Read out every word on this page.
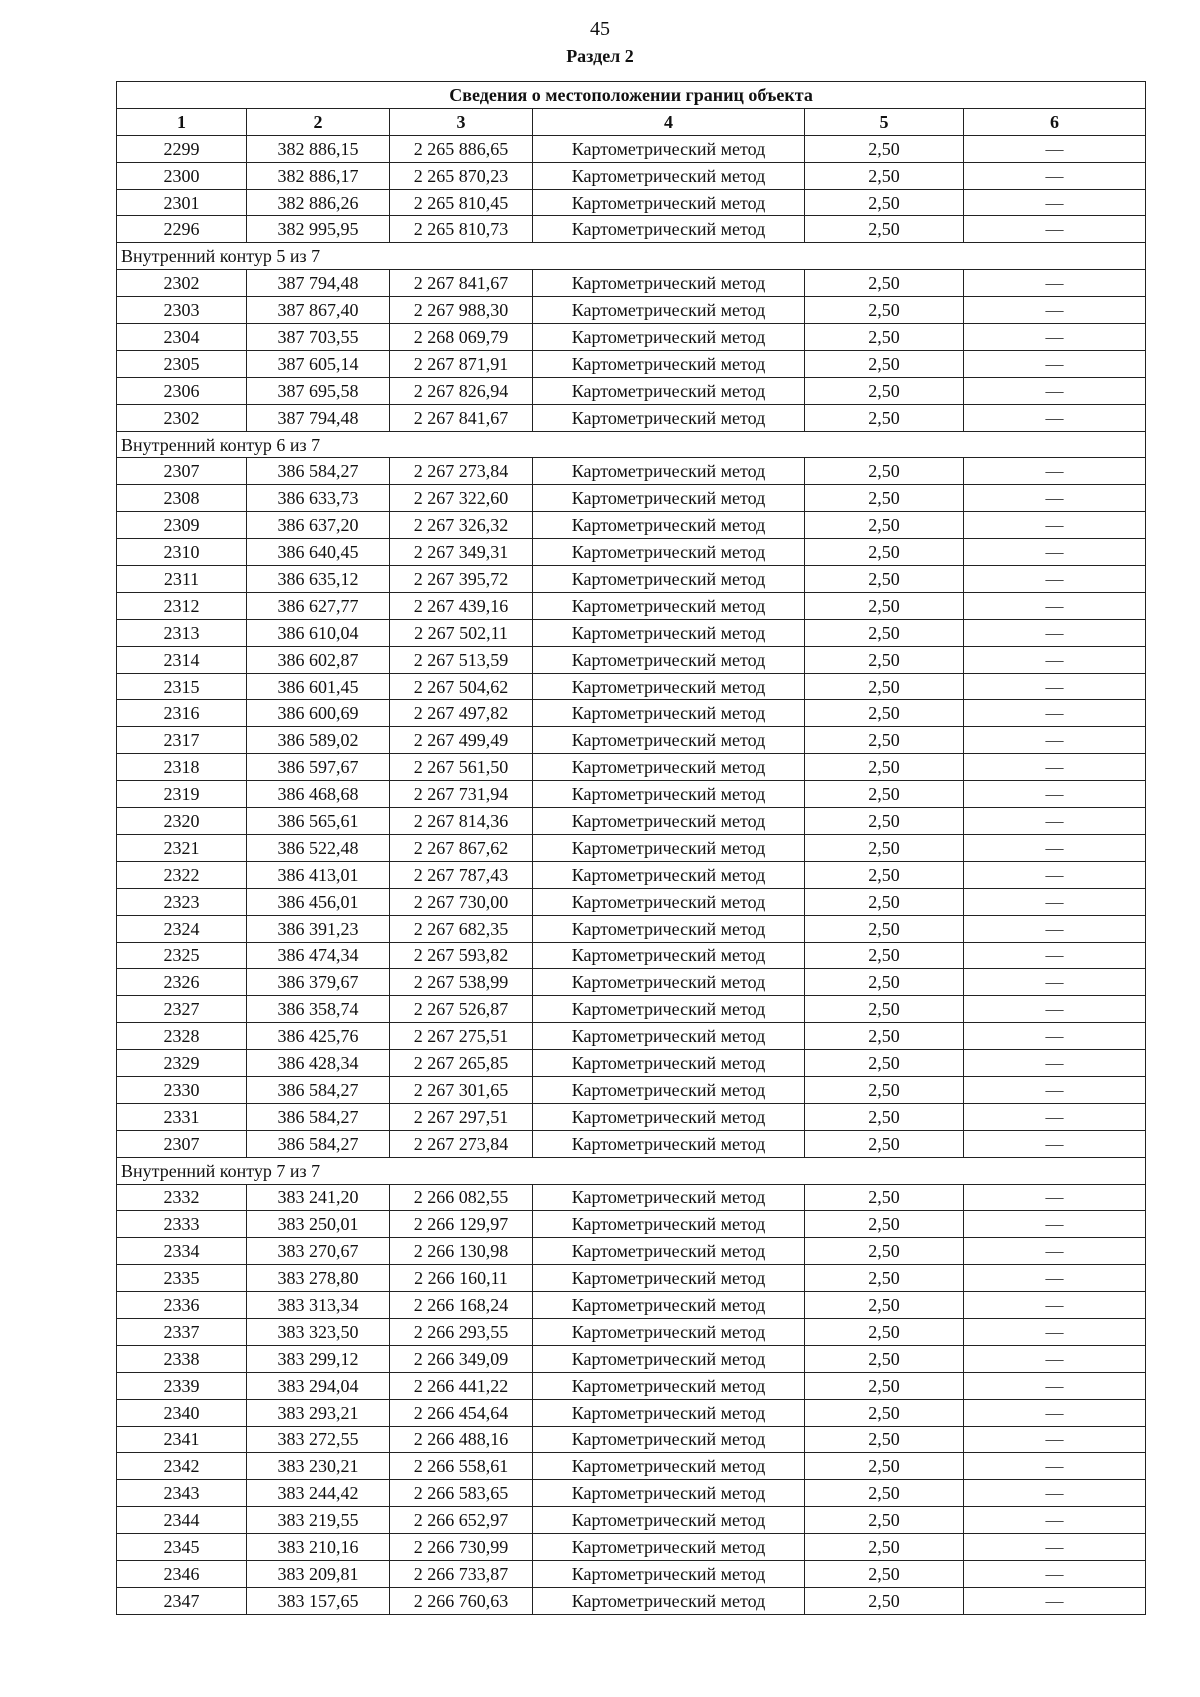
45
Раздел 2
Сведения о местоположении границ объекта					
1	2	3	4	5	6
2299	382 886,15	2 265 886,65	Картометрический метод	2,50	—
2300	382 886,17	2 265 870,23	Картометрический метод	2,50	—
2301	382 886,26	2 265 810,45	Картометрический метод	2,50	—
2296	382 995,95	2 265 810,73	Картометрический метод	2,50	—
Внутренний контур 5 из 7					
2302	387 794,48	2 267 841,67	Картометрический метод	2,50	—
2303	387 867,40	2 267 988,30	Картометрический метод	2,50	—
2304	387 703,55	2 268 069,79	Картометрический метод	2,50	—
2305	387 605,14	2 267 871,91	Картометрический метод	2,50	—
2306	387 695,58	2 267 826,94	Картометрический метод	2,50	—
2302	387 794,48	2 267 841,67	Картометрический метод	2,50	—
Внутренний контур 6 из 7					
2307	386 584,27	2 267 273,84	Картометрический метод	2,50	—
2308	386 633,73	2 267 322,60	Картометрический метод	2,50	—
2309	386 637,20	2 267 326,32	Картометрический метод	2,50	—
2310	386 640,45	2 267 349,31	Картометрический метод	2,50	—
2311	386 635,12	2 267 395,72	Картометрический метод	2,50	—
2312	386 627,77	2 267 439,16	Картометрический метод	2,50	—
2313	386 610,04	2 267 502,11	Картометрический метод	2,50	—
2314	386 602,87	2 267 513,59	Картометрический метод	2,50	—
2315	386 601,45	2 267 504,62	Картометрический метод	2,50	—
2316	386 600,69	2 267 497,82	Картометрический метод	2,50	—
2317	386 589,02	2 267 499,49	Картометрический метод	2,50	—
2318	386 597,67	2 267 561,50	Картометрический метод	2,50	—
2319	386 468,68	2 267 731,94	Картометрический метод	2,50	—
2320	386 565,61	2 267 814,36	Картометрический метод	2,50	—
2321	386 522,48	2 267 867,62	Картометрический метод	2,50	—
2322	386 413,01	2 267 787,43	Картометрический метод	2,50	—
2323	386 456,01	2 267 730,00	Картометрический метод	2,50	—
2324	386 391,23	2 267 682,35	Картометрический метод	2,50	—
2325	386 474,34	2 267 593,82	Картометрический метод	2,50	—
2326	386 379,67	2 267 538,99	Картометрический метод	2,50	—
2327	386 358,74	2 267 526,87	Картометрический метод	2,50	—
2328	386 425,76	2 267 275,51	Картометрический метод	2,50	—
2329	386 428,34	2 267 265,85	Картометрический метод	2,50	—
2330	386 584,27	2 267 301,65	Картометрический метод	2,50	—
2331	386 584,27	2 267 297,51	Картометрический метод	2,50	—
2307	386 584,27	2 267 273,84	Картометрический метод	2,50	—
Внутренний контур 7 из 7					
2332	383 241,20	2 266 082,55	Картометрический метод	2,50	—
2333	383 250,01	2 266 129,97	Картометрический метод	2,50	—
2334	383 270,67	2 266 130,98	Картометрический метод	2,50	—
2335	383 278,80	2 266 160,11	Картометрический метод	2,50	—
2336	383 313,34	2 266 168,24	Картометрический метод	2,50	—
2337	383 323,50	2 266 293,55	Картометрический метод	2,50	—
2338	383 299,12	2 266 349,09	Картометрический метод	2,50	—
2339	383 294,04	2 266 441,22	Картометрический метод	2,50	—
2340	383 293,21	2 266 454,64	Картометрический метод	2,50	—
2341	383 272,55	2 266 488,16	Картометрический метод	2,50	—
2342	383 230,21	2 266 558,61	Картометрический метод	2,50	—
2343	383 244,42	2 266 583,65	Картометрический метод	2,50	—
2344	383 219,55	2 266 652,97	Картометрический метод	2,50	—
2345	383 210,16	2 266 730,99	Картометрический метод	2,50	—
2346	383 209,81	2 266 733,87	Картометрический метод	2,50	—
2347	383 157,65	2 266 760,63	Картометрический метод	2,50	—
